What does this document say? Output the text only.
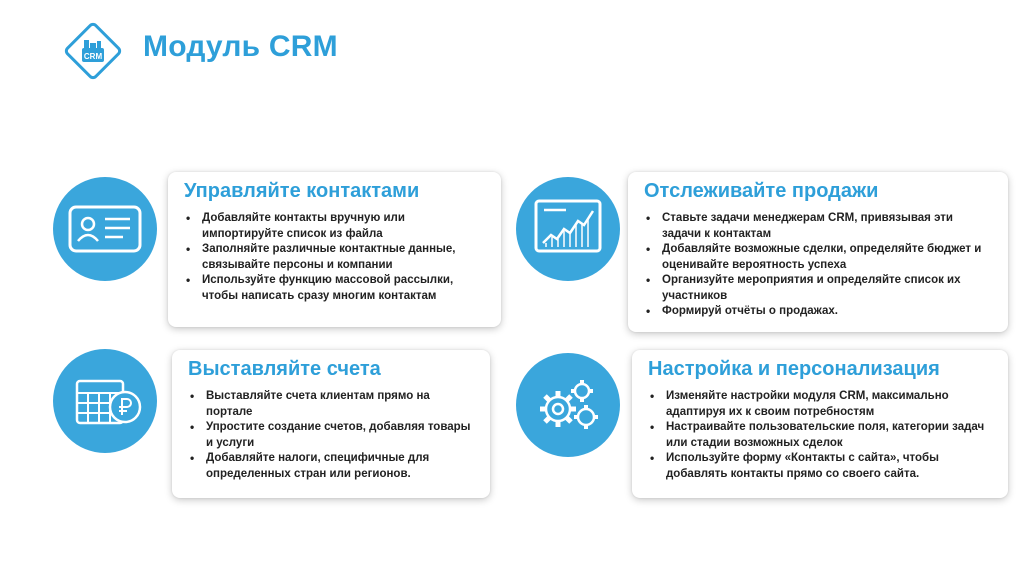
CRM Модуль CRM
Управляйте контактами
• Добавляйте контакты вручную или импортируйте список из файла
• Заполняйте различные контактные данные, связывайте персоны и компании
• Используйте функцию массовой рассылки, чтобы написать сразу многим контактам
Отслеживайте продажи
• Ставьте задачи менеджерам CRM, привязывая эти задачи к контактам
• Добавляйте возможные сделки, определяйте бюджет и оценивайте вероятность успеха
• Организуйте мероприятия и определяйте список их участников
• Формируй отчёты о продажах.
Выставляйте счета
• Выставляйте счета клиентам прямо на портале
• Упростите создание счетов, добавляя товары и услуги
• Добавляйте налоги, специфичные для определенных стран или регионов.
Настройка и персонализация
• Изменяйте настройки модуля CRM, максимально адаптируя их к своим потребностям
• Настраивайте пользовательские поля, категории задач или стадии возможных сделок
• Используйте форму «Контакты с сайта», чтобы добавлять контакты прямо со своего сайта.
